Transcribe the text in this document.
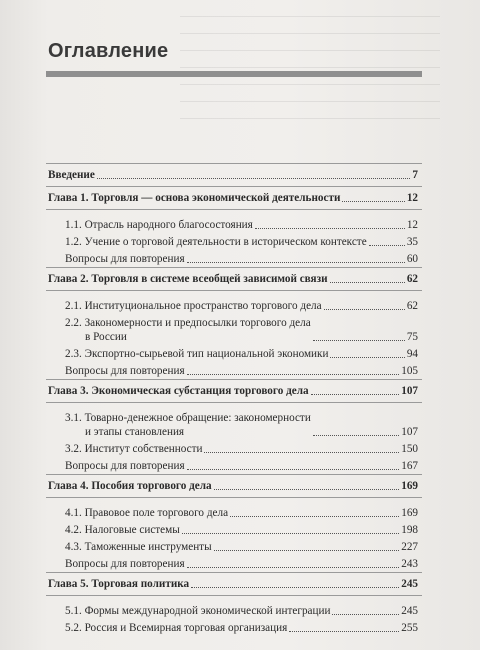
Оглавление
Введение	7
Глава 1. Торговля — основа экономической деятельности	12
1.1. Отрасль народного благосостояния	12
1.2. Учение о торговой деятельности в историческом контексте	35
Вопросы для повторения	60
Глава 2. Торговля в системе всеобщей зависимой связи	62
2.1. Институциональное пространство торгового дела	62
2.2. Закономерности и предпосылки торгового дела
в России	75
2.3. Экспортно-сырьевой тип национальной экономики	94
Вопросы для повторения	105
Глава 3. Экономическая субстанция торгового дела	107
3.1. Товарно-денежное обращение: закономерности
и этапы становления	107
3.2. Институт собственности	150
Вопросы для повторения	167
Глава 4. Пособия торгового дела	169
4.1. Правовое поле торгового дела	169
4.2. Налоговые системы	198
4.3. Таможенные инструменты	227
Вопросы для повторения	243
Глава 5. Торговая политика	245
5.1. Формы международной экономической интеграции	245
5.2. Россия и Всемирная торговая организация	255
